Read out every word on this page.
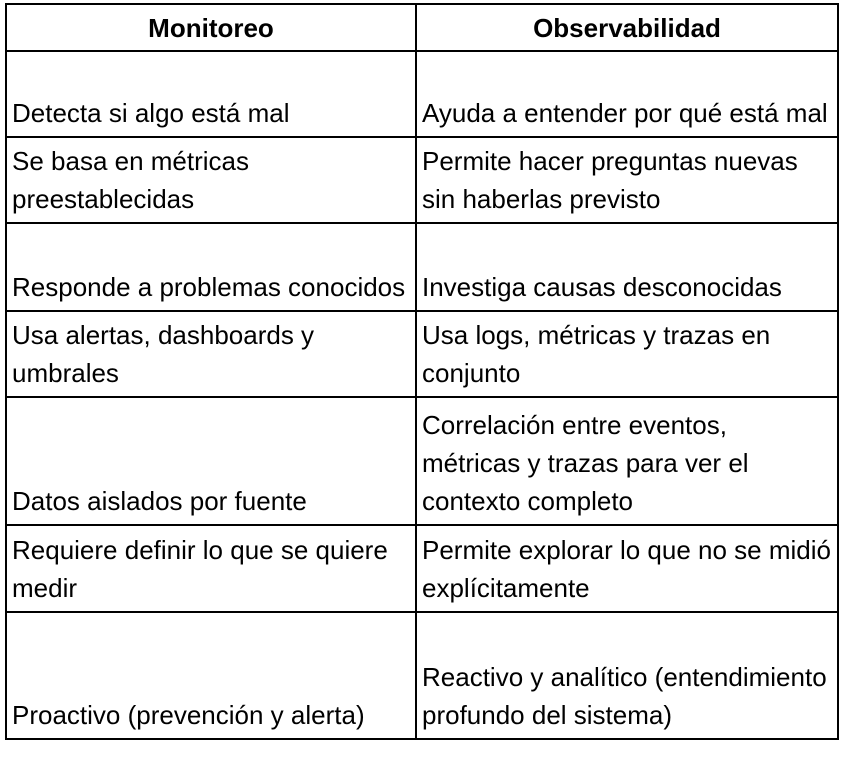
Monitoreo	Observabilidad
Detecta si algo está mal	Ayuda a entender por qué está mal
Se basa en métricas preestablecidas	Permite hacer preguntas nuevas sin haberlas previsto
Responde a problemas conocidos	Investiga causas desconocidas
Usa alertas, dashboards y umbrales	Usa logs, métricas y trazas en conjunto
Datos aislados por fuente	Correlación entre eventos, métricas y trazas para ver el contexto completo
Requiere definir lo que se quiere medir	Permite explorar lo que no se midió explícitamente
Proactivo (prevención y alerta)	Reactivo y analítico (entendimiento profundo del sistema)
